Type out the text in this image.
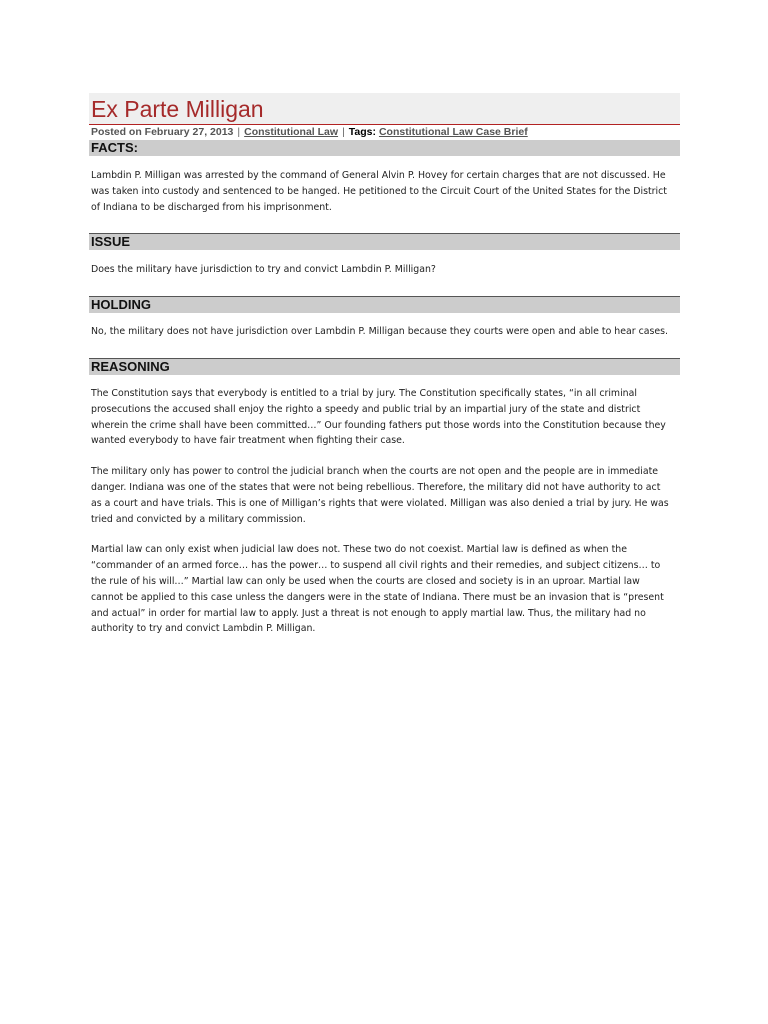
Ex Parte Milligan
Posted on February 27, 2013 | Constitutional Law | Tags: Constitutional Law Case Brief
FACTS:

Lambdin P. Milligan was arrested by the command of General Alvin P. Hovey for certain charges that are not discussed. He was taken into custody and sentenced to be hanged. He petitioned to the Circuit Court of the United States for the District of Indiana to be discharged from his imprisonment.

ISSUE

Does the military have jurisdiction to try and convict Lambdin P. Milligan?

HOLDING

No, the military does not have jurisdiction over Lambdin P. Milligan because they courts were open and able to hear cases.

REASONING

The Constitution says that everybody is entitled to a trial by jury. The Constitution specifically states, “in all criminal prosecutions the accused shall enjoy the righto a speedy and public trial by an impartial jury of the state and district wherein the crime shall have been committed…” Our founding fathers put those words into the Constitution because they wanted everybody to have fair treatment when fighting their case.

The military only has power to control the judicial branch when the courts are not open and the people are in immediate danger. Indiana was one of the states that were not being rebellious. Therefore, the military did not have authority to act as a court and have trials. This is one of Milligan’s rights that were violated. Milligan was also denied a trial by jury. He was tried and convicted by a military commission.

Martial law can only exist when judicial law does not. These two do not coexist. Martial law is defined as when the “commander of an armed force… has the power… to suspend all civil rights and their remedies, and subject citizens… to the rule of his will…” Martial law can only be used when the courts are closed and society is in an uproar. Martial law cannot be applied to this case unless the dangers were in the state of Indiana. There must be an invasion that is “present and actual” in order for martial law to apply. Just a threat is not enough to apply martial law. Thus, the military had no authority to try and convict Lambdin P. Milligan.
